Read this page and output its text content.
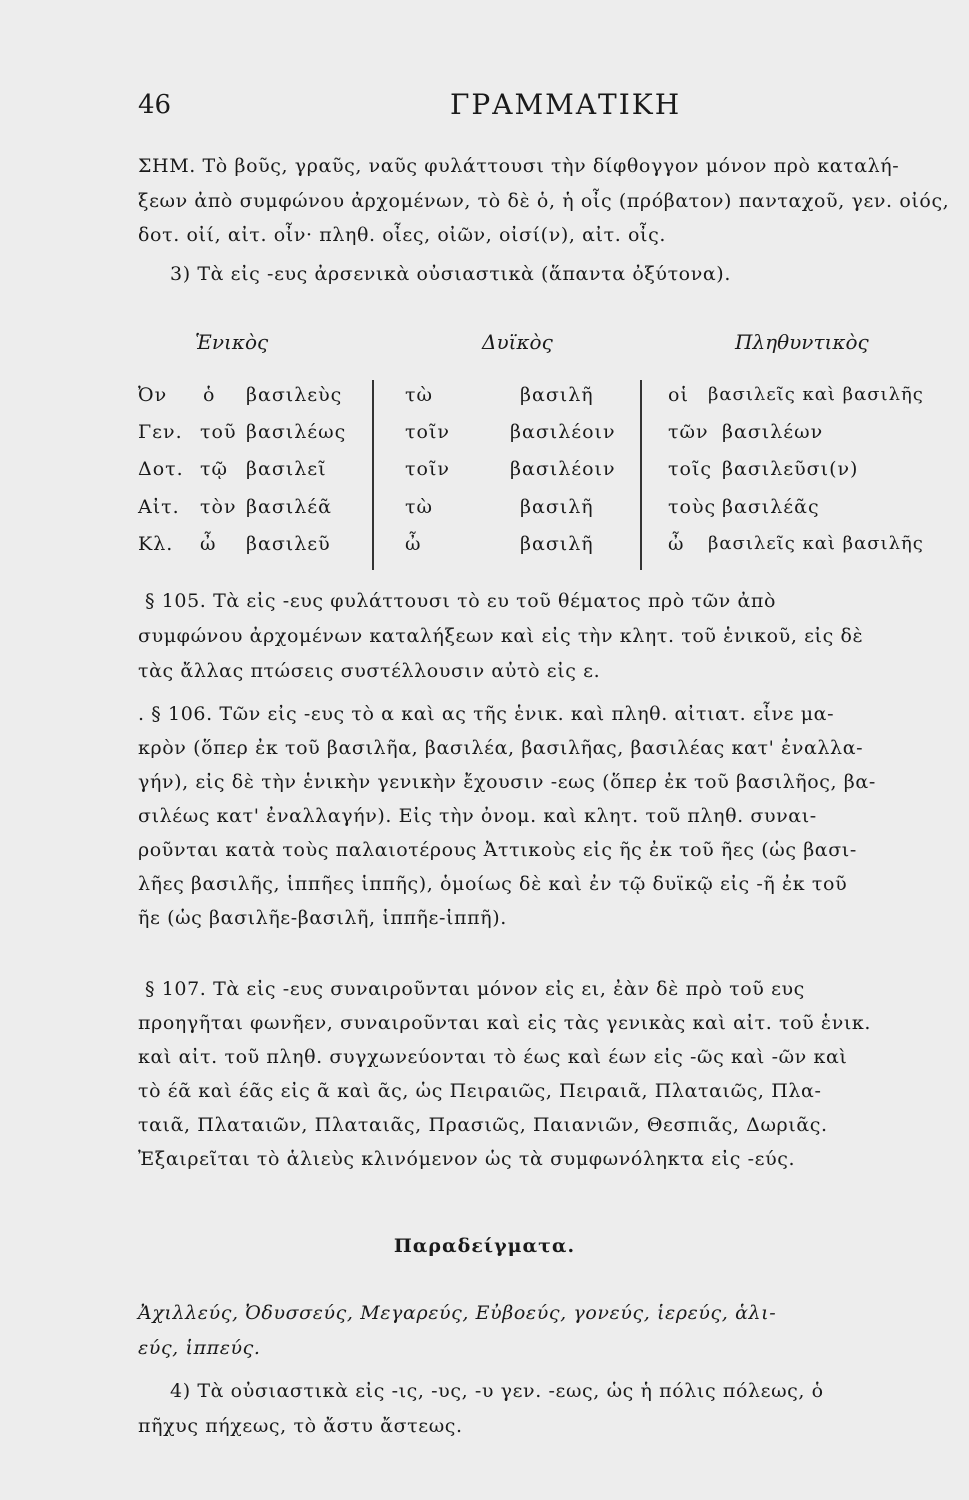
46	ΓΡΑΜΜΑΤΙΚΗ
ΣΗΜ. Τὸ βοῦς, γραῦς, ναῦς φυλάττουσι τὴν δίφθογγον μόνον πρὸ καταλή-
ξεων ἀπὸ συμφώνου ἀρχομένων, τὸ δὲ ὁ, ἡ οἶς (πρόβατον) πανταχοῦ, γεν. οἰός,
δοτ. οἰί, αἰτ. οἶν· πληθ. οἶες, οἰῶν, οἰσί(ν), αἰτ. οἶς.
3) Τὰ εἰς -ευς ἀρσενικὰ οὐσιαστικὰ (ἅπαντα ὀξύτονα).
Ἑνικὸς	Δυϊκὸς	Πληθυντικὸς
Ὀν ὁ βασιλεὺς	τὼ	βασιλῆ	οἱ βασιλεῖς καὶ βασιλῆς
Γεν. τοῦ βασιλέως	τοῖν	βασιλέοιν	τῶν βασιλέων
Δοτ. τῷ βασιλεῖ	τοῖν	βασιλέοιν	τοῖς βασιλεῦσι(ν)
Αἰτ. τὸν βασιλέᾶ	τὼ	βασιλῆ	τοὺς βασιλέᾶς
Κλ. ὦ βασιλεῦ	ὦ	βασιλῆ	ὦ βασιλεῖς καὶ βασιλῆς
§ 105. Τὰ εἰς -ευς φυλάττουσι τὸ ευ τοῦ θέματος πρὸ τῶν ἀπὸ
συμφώνου ἀρχομένων καταλήξεων καὶ εἰς τὴν κλητ. τοῦ ἑνικοῦ, εἰς δὲ
τὰς ἄλλας πτώσεις συστέλλουσιν αὐτὸ εἰς ε.
. § 106. Τῶν εἰς -ευς τὸ α καὶ ας τῆς ἑνικ. καὶ πληθ. αἰτιατ. εἶνε μα-
κρὸν (ὅπερ ἐκ τοῦ βασιλῆα, βασιλέα, βασιλῆας, βασιλέας κατ' ἐναλλα-
γήν), εἰς δὲ τὴν ἑνικὴν γενικὴν ἔχουσιν -εως (ὅπερ ἐκ τοῦ βασιλῆος, βα-
σιλέως κατ' ἐναλλαγήν). Εἰς τὴν ὀνομ. καὶ κλητ. τοῦ πληθ. συναι-
ροῦνται κατὰ τοὺς παλαιοτέρους Ἀττικοὺς εἰς ῆς ἐκ τοῦ ῆες (ὡς βασι-
λῆες βασιλῆς, ἱππῆες ἱππῆς), ὁμοίως δὲ καὶ ἐν τῷ δυϊκῷ εἰς -ῆ ἐκ τοῦ
ῆε (ὡς βασιλῆε-βασιλῆ, ἱππῆε-ἱππῆ).
§ 107. Τὰ εἰς -ευς συναιροῦνται μόνον εἰς ει, ἐὰν δὲ πρὸ τοῦ ευς
προηγῆται φωνῆεν, συναιροῦνται καὶ εἰς τὰς γενικὰς καὶ αἰτ. τοῦ ἑνικ.
καὶ αἰτ. τοῦ πληθ. συγχωνεύονται τὸ έως καὶ έων εἰς -ῶς καὶ -ῶν καὶ
τὸ έᾶ καὶ έᾶς εἰς ᾶ καὶ ᾶς, ὡς Πειραιῶς, Πειραιᾶ, Πλαταιῶς, Πλα-
ταιᾶ, Πλαταιῶν, Πλαταιᾶς, Πρασιῶς, Παιανιῶν, Θεσπιᾶς, Δωριᾶς.
Ἐξαιρεῖται τὸ ἁλιεὺς κλινόμενον ὡς τὰ συμφωνόληκτα εἰς -εύς.
Παραδείγματα.
Ἀχιλλεύς, Ὀδυσσεύς, Μεγαρεύς, Εὐβοεύς, γονεύς, ἱερεύς, ἁλι-
εύς, ἱππεύς.
4) Τὰ οὐσιαστικὰ εἰς -ις, -υς, -υ γεν. -εως, ὡς ἡ πόλις πόλεως, ὁ
πῆχυς πήχεως, τὸ ἄστυ ἄστεως.
